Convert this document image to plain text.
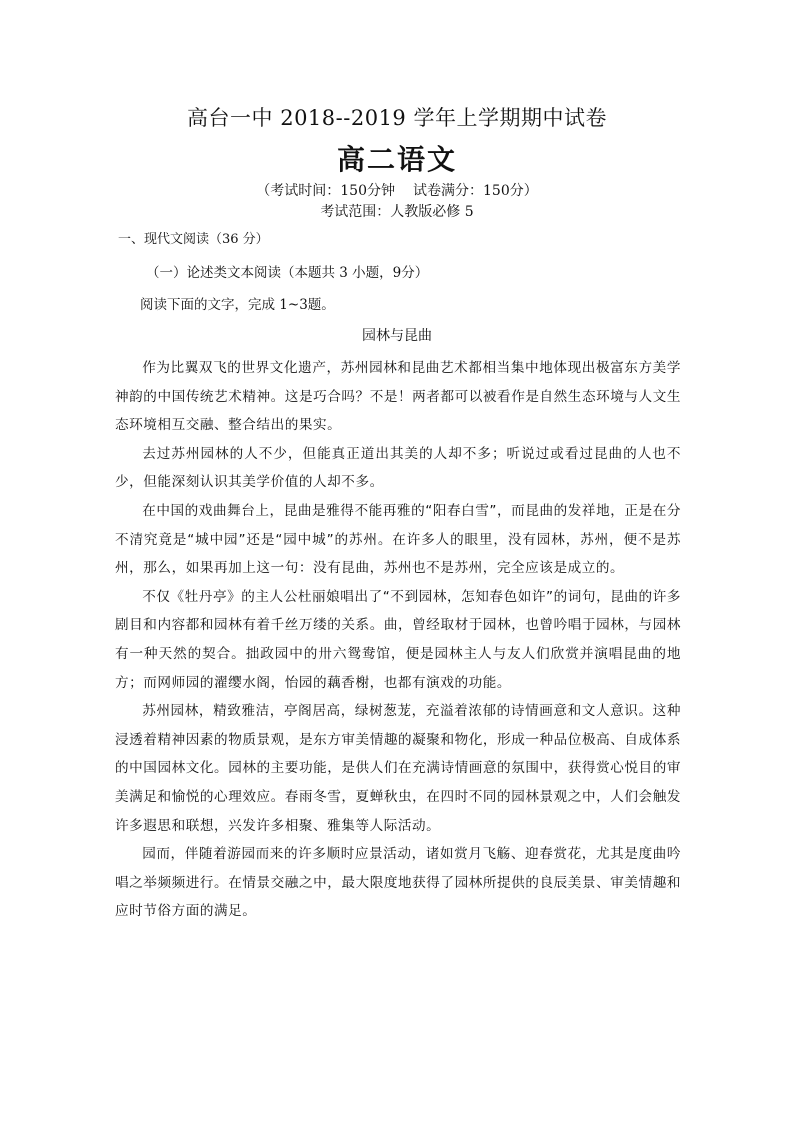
高台一中 2018--2019 学年上学期期中试卷
高二语文
（考试时间：150分钟 试卷满分：150分）
考试范围：人教版必修 5
一、现代文阅读（36 分）
（一）论述类文本阅读（本题共 3 小题，9分）
阅读下面的文字，完成 1~3题。
园林与昆曲

作为比翼双飞的世界文化遗产，苏州园林和昆曲艺术都相当集中地体现出极富东方美学神韵的中国传统艺术精神。这是巧合吗？不是！两者都可以被看作是自然生态环境与人文生态环境相互交融、整合结出的果实。

去过苏州园林的人不少，但能真正道出其美的人却不多；听说过或看过昆曲的人也不少，但能深刻认识其美学价值的人却不多。

在中国的戏曲舞台上，昆曲是雅得不能再雅的“阳春白雪”，而昆曲的发祥地，正是在分不清究竟是“城中园”还是“园中城”的苏州。在许多人的眼里，没有园林，苏州，便不是苏州，那么，如果再加上这一句：没有昆曲，苏州也不是苏州，完全应该是成立的。

不仅《牡丹亭》的主人公杜丽娘唱出了“不到园林，怎知春色如许”的词句，昆曲的许多剧目和内容都和园林有着千丝万缕的关系。曲，曾经取材于园林，也曾吟唱于园林，与园林有一种天然的契合。拙政园中的卅六鸳鸯馆，便是园林主人与友人们欣赏并演唱昆曲的地方；而网师园的濯缨水阁，怡园的藕香榭，也都有演戏的功能。

苏州园林，精致雅洁，亭阁居高，绿树葱茏，充溢着浓郁的诗情画意和文人意识。这种浸透着精神因素的物质景观，是东方审美情趣的凝聚和物化，形成一种品位极高、自成体系的中国园林文化。园林的主要功能，是供人们在充满诗情画意的氛围中，获得赏心悦目的审美满足和愉悦的心理效应。春雨冬雪，夏蝉秋虫，在四时不同的园林景观之中，人们会触发许多遐思和联想，兴发许多相聚、雅集等人际活动。

园而，伴随着游园而来的许多顺时应景活动，诸如赏月飞觞、迎春赏花，尤其是度曲吟唱之举频频进行。在情景交融之中，最大限度地获得了园林所提供的良辰美景、审美情趣和应时节俗方面的满足。
